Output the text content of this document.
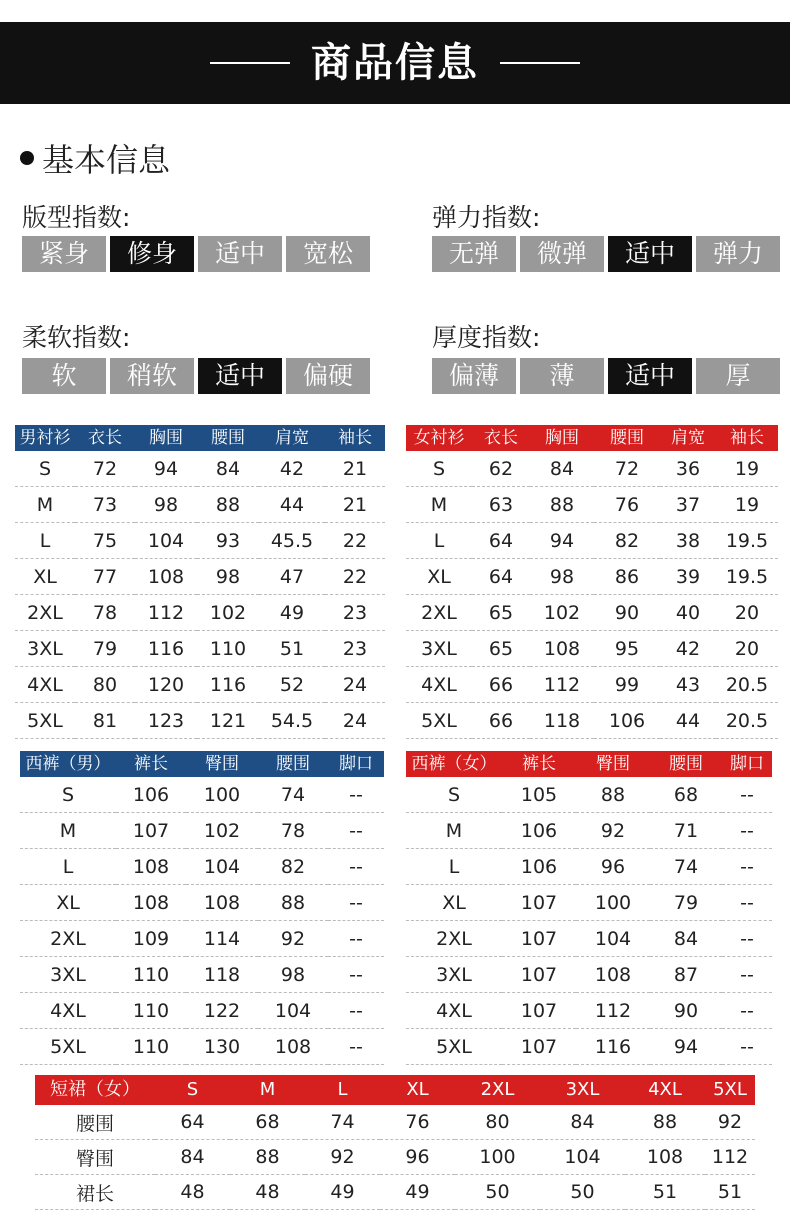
商品信息
基本信息
版型指数:	弹力指数:
柔软指数:	厚度指数:
紧身	修身	适中	宽松	无弹	微弹	适中	弹力
软	稍软	适中	偏硬	偏薄	薄	适中	厚
男衬衫	衣长	胸围	腰围	肩宽	袖长
S	72	94	84	42	21
M	73	98	88	44	21
L	75	104	93	45.5	22
XL	77	108	98	47	22
2XL	78	112	102	49	23
3XL	79	116	110	51	23
4XL	80	120	116	52	24
5XL	81	123	121	54.5	24
女衬衫	衣长	胸围	腰围	肩宽	袖长
S	62	84	72	36	19
M	63	88	76	37	19
L	64	94	82	38	19.5
XL	64	98	86	39	19.5
2XL	65	102	90	40	20
3XL	65	108	95	42	20
4XL	66	112	99	43	20.5
5XL	66	118	106	44	20.5
西裤（男）	裤长	臀围	腰围	脚口
S	106	100	74	--
M	107	102	78	--
L	108	104	82	--
XL	108	108	88	--
2XL	109	114	92	--
3XL	110	118	98	--
4XL	110	122	104	--
5XL	110	130	108	--
西裤（女）	裤长	臀围	腰围	脚口
S	105	88	68	--
M	106	92	71	--
L	106	96	74	--
XL	107	100	79	--
2XL	107	104	84	--
3XL	107	108	87	--
4XL	107	112	90	--
5XL	107	116	94	--
短裙（女）	S	M	L	XL	2XL	3XL	4XL	5XL
腰围	64	68	74	76	80	84	88	92
臀围	84	88	92	96	100	104	108	112
裙长	48	48	49	49	50	50	51	51
